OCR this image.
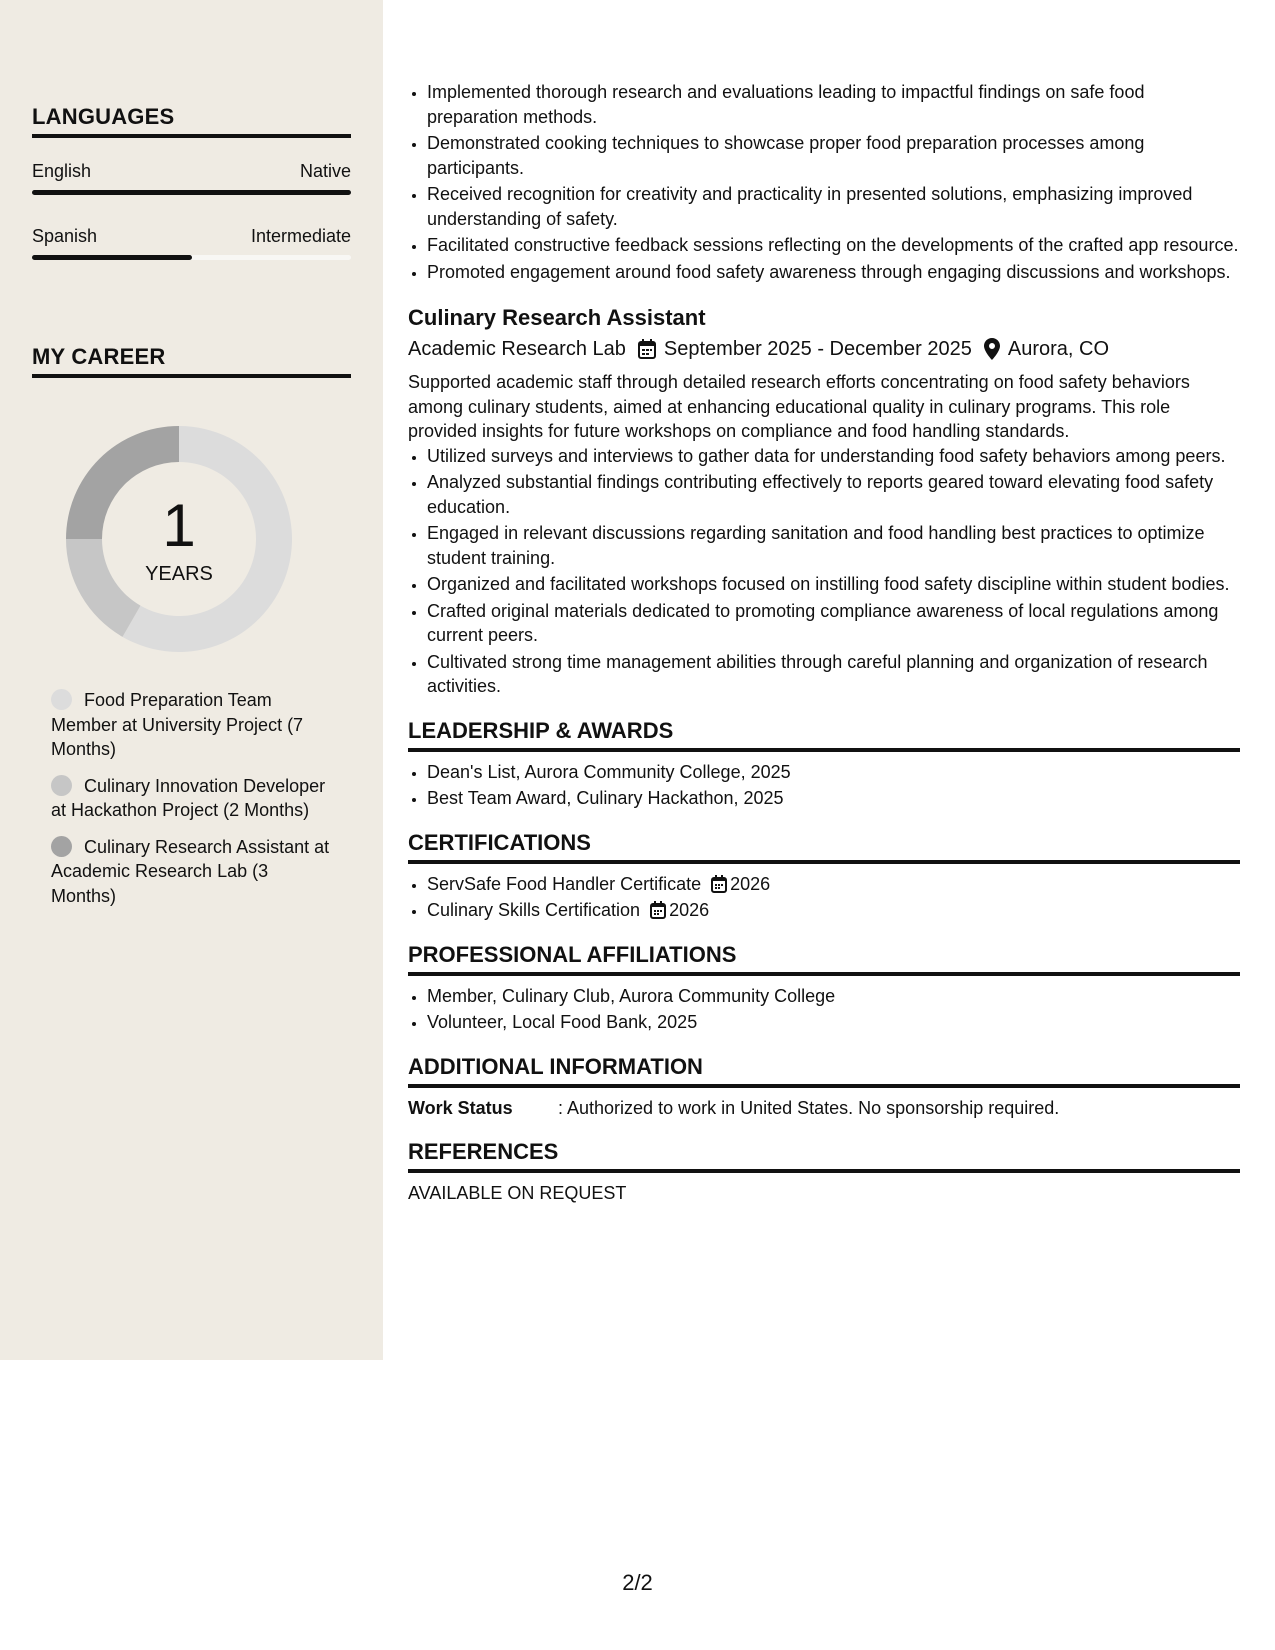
LANGUAGES
English	Native
Spanish	Intermediate
MY CAREER
1
YEARS
Food Preparation Team Member at University Project (7 Months)
Culinary Innovation Developer at Hackathon Project (2 Months)
Culinary Research Assistant at Academic Research Lab (3 Months)
• Implemented thorough research and evaluations leading to impactful findings on safe food preparation methods.
• Demonstrated cooking techniques to showcase proper food preparation processes among participants.
• Received recognition for creativity and practicality in presented solutions, emphasizing improved understanding of safety.
• Facilitated constructive feedback sessions reflecting on the developments of the crafted app resource.
• Promoted engagement around food safety awareness through engaging discussions and workshops.
Culinary Research Assistant
Academic Research Lab September 2025 - December 2025 Aurora, CO
Supported academic staff through detailed research efforts concentrating on food safety behaviors among culinary students, aimed at enhancing educational quality in culinary programs. This role provided insights for future workshops on compliance and food handling standards.
• Utilized surveys and interviews to gather data for understanding food safety behaviors among peers.
• Analyzed substantial findings contributing effectively to reports geared toward elevating food safety education.
• Engaged in relevant discussions regarding sanitation and food handling best practices to optimize student training.
• Organized and facilitated workshops focused on instilling food safety discipline within student bodies.
• Crafted original materials dedicated to promoting compliance awareness of local regulations among current peers.
• Cultivated strong time management abilities through careful planning and organization of research activities.
LEADERSHIP & AWARDS
• Dean's List, Aurora Community College, 2025
• Best Team Award, Culinary Hackathon, 2025
CERTIFICATIONS
• ServSafe Food Handler Certificate 2026
• Culinary Skills Certification 2026
PROFESSIONAL AFFILIATIONS
• Member, Culinary Club, Aurora Community College
• Volunteer, Local Food Bank, 2025
ADDITIONAL INFORMATION
Work Status	: Authorized to work in United States. No sponsorship required.
REFERENCES
AVAILABLE ON REQUEST
2/2
